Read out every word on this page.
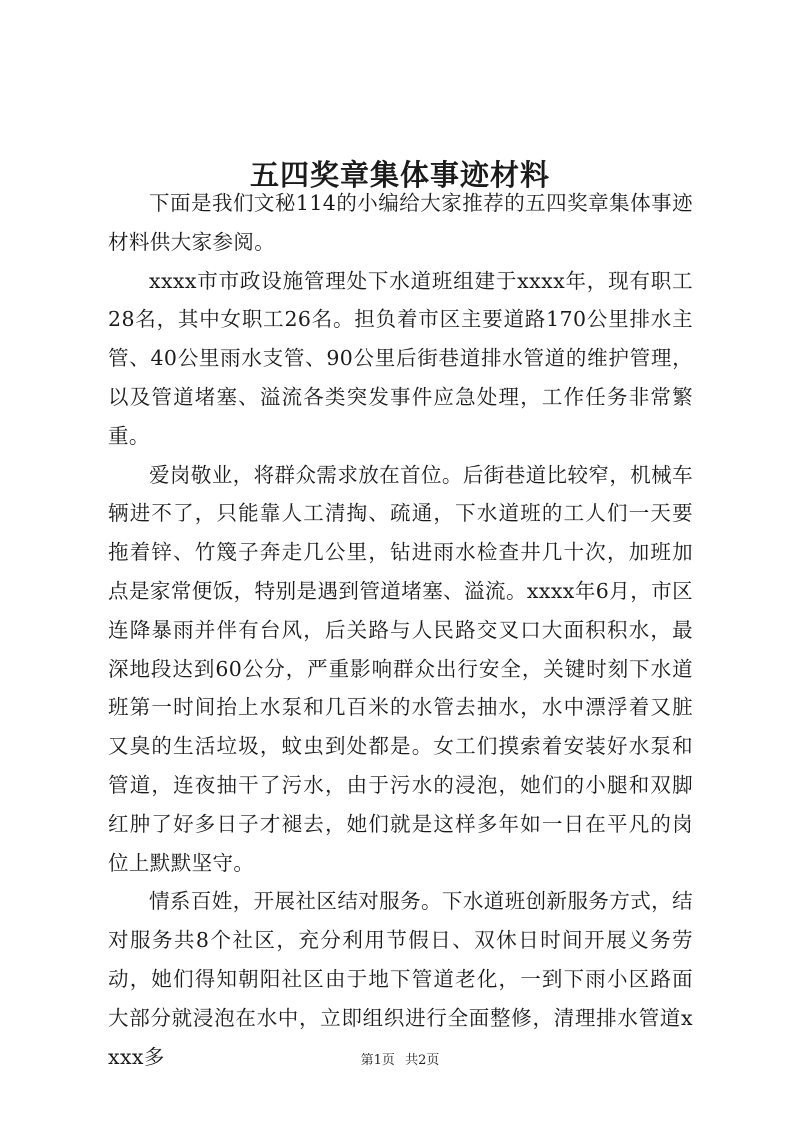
五四奖章集体事迹材料

下面是我们文秘114的小编给大家推荐的五四奖章集体事迹材料供大家参阅。

xxxx市市政设施管理处下水道班组建于xxxx年，现有职工28名，其中女职工26名。担负着市区主要道路170公里排水主管、40公里雨水支管、90公里后街巷道排水管道的维护管理，以及管道堵塞、溢流各类突发事件应急处理，工作任务非常繁重。

爱岗敬业，将群众需求放在首位。后街巷道比较窄，机械车辆进不了，只能靠人工清掏、疏通，下水道班的工人们一天要拖着锌、竹篾子奔走几公里，钻进雨水检查井几十次，加班加点是家常便饭，特别是遇到管道堵塞、溢流。xxxx年6月，市区连降暴雨并伴有台风，后关路与人民路交叉口大面积积水，最深地段达到60公分，严重影响群众出行安全，关键时刻下水道班第一时间抬上水泵和几百米的水管去抽水，水中漂浮着又脏又臭的生活垃圾，蚊虫到处都是。女工们摸索着安装好水泵和管道，连夜抽干了污水，由于污水的浸泡，她们的小腿和双脚红肿了好多日子才褪去，她们就是这样多年如一日在平凡的岗位上默默坚守。

情系百姓，开展社区结对服务。下水道班创新服务方式，结对服务共8个社区，充分利用节假日、双休日时间开展义务劳动，她们得知朝阳社区由于地下管道老化，一到下雨小区路面大部分就浸泡在水中，立即组织进行全面整修，清理排水管道xxxx多	第1页 共2页
